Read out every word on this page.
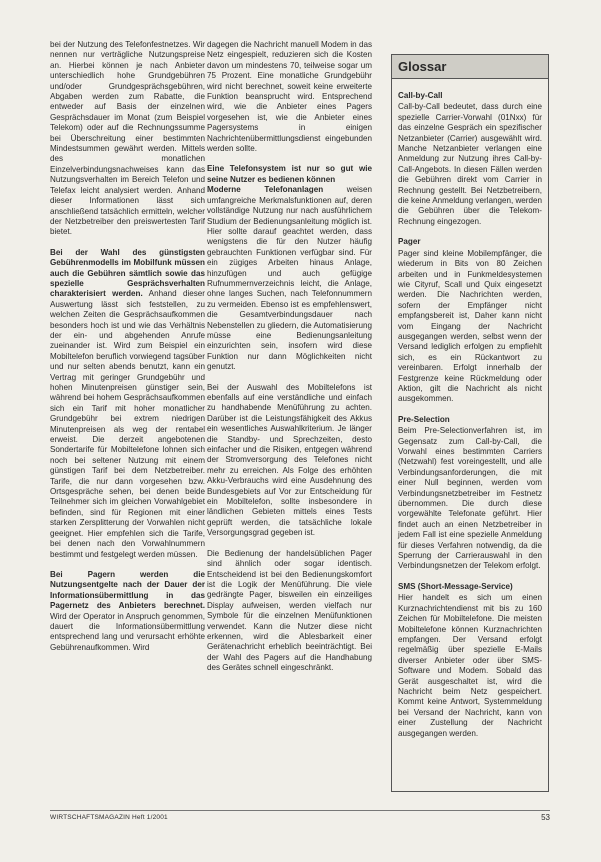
bei der Nutzung des Telefonfestnetzes. Wir nennen nur verträgliche Nutzungspreise an. Hierbei können je nach Anbieter unterschiedlich hohe Grundgebühren und/oder Grundgesprächsgebühren, Abgaben werden zum Rabatte, die entweder auf Basis der einzelnen Gesprächsdauer im Monat (zum Beispiel Telekom) oder auf die Rechnungssumme bei Überschreitung einer bestimmten Mindestsummen gewährt werden. Mittels des monatlichen Einzelverbindungsnachweises kann das Nutzungsverhalten im Bereich Telefon und Telefax leicht analysiert werden. Anhand dieser Informationen lässt sich anschließend tatsächlich ermitteln, welcher der Netzbetreiber den preiswertesten Tarif bietet.

Bei der Wahl des günstigsten Gebührenmodells im Mobilfunk müssen auch die Gebühren sämtlich sowie das spezielle Gesprächsverhalten charakterisiert werden. Anhand dieser Auswertung lässt sich feststellen, zu welchen Zeiten die Gesprächsaufkommen besonders hoch ist und wie das Verhältnis der ein- und abgehenden Anrufe zueinander ist. Wird zum Beispiel ein Mobiltelefon beruflich vorwiegend tagsüber und nur selten abends benutzt, kann ein Vertrag mit geringer Grundgebühr und hohen Minutenpreisen günstiger sein, während bei hohem Gesprächsaufkommen sich ein Tarif mit hoher monatlicher Grundgebühr bei extrem niedrigen Minutenpreisen als weg der rentabel erweist. Die derzeit angebotenen Sondertarife für Mobiltelefone lohnen sich noch bei seltener Nutzung mit einem günstigen Tarif bei dem Netzbetreiber. Tarife, die nur dann vorgesehen bzw. Ortsgespräche sehen, bei denen beide Teilnehmer sich im gleichen Vorwahlgebiet befinden, sind für Regionen mit einer starken Zersplitterung der Vorwahlen nicht geeignet. Hier empfehlen sich die Tarife, bei denen nach den Vorwahlnummern bestimmt und festgelegt werden müssen.

Bei Pagern werden die Nutzungsentgelte nach der Dauer der Informationsübermittlung in das Pagernetz des Anbieters berechnet. Wird der Operator in Anspruch genommen, dauert die Informationsübermittlung entsprechend lang und verursacht erhöhte Gebührenaufkommen. Wird

dagegen die Nachricht manuell Modem in das Netz eingespielt, reduzieren sich die Kosten davon um mindestens 70, teilweise sogar um 75 Prozent. Eine monatliche Grundgebühr wird nicht berechnet, soweit keine erweiterte Funktion beansprucht wird. Entsprechend wird, wie die Anbieter eines Pagers vorgesehen ist, wie die Anbieter eines Pagersystems in einigen Nachrichtenübermittlungsdienst eingebunden werden sollte.

Eine Telefonsystem ist nur so gut wie seine Nutzer es bedienen können

Moderne Telefonanlagen weisen umfangreiche Merkmalsfunktionen auf, deren vollständige Nutzung nur nach ausführlichem Studium der Bedienungsanleitung möglich ist. Hier sollte darauf geachtet werden, dass wenigstens die für den Nutzer häufig gebrauchten Funktionen verfügbar sind. Für ein zügiges Arbeiten hinaus Anlage, hinzufügen und auch gefügige Rufnummernverzeichnis leicht, die Anlage, ohne langes Suchen, nach Telefonnummern zu vermeiden. Ebenso ist es empfehlenswert, die Gesamtverbindungsdauer nach Nebenstellen zu gliedern, die Automatisierung müsse eine Bedienungsanleitung einzurichten sein, insofern wird diese Funktion nur dann Möglichkeiten nicht genutzt.

Bei der Auswahl des Mobiltelefons ist ebenfalls auf eine verständliche und einfach zu handhabende Menüführung zu achten. Darüber ist die Leistungsfähigkeit des Akkus ein wesentliches Auswahlkriterium. Je länger die Standby- und Sprechzeiten, desto einfacher und die Risiken, entgegen während der Stromversorgung des Telefones nicht mehr zu erreichen. Als Folge des erhöhten Akku-Verbrauchs wird eine Ausdehnung des Bundesgebiets auf Vor zur Entscheidung für ein Mobiltelefon, sollte insbesondere in ländlichen Gebieten mittels eines Tests geprüft werden, die tatsächliche lokale Versorgungsgrad gegeben ist.

Die Bedienung der handelsüblichen Pager sind ähnlich oder sogar identisch. Entscheidend ist bei den Bedienungskomfort ist die Logik der Menüführung. Die viele gedrängte Pager, bisweilen ein einzeiliges Display aufweisen, werden vielfach nur Symbole für die einzelnen Menüfunktionen verwendet. Kann die Nutzer diese nicht erkennen, wird die Ablesbarkeit einer Gerätenachricht erheblich beeinträchtigt. Bei der Wahl des Pagers auf die Handhabung des Gerätes schnell eingeschränkt.

Glossar
Call-by-Call
Call-by-Call bedeutet, dass durch eine spezielle Carrier-Vorwahl (01Nxx) für das einzelne Gespräch ein spezifischer Netzanbieter (Carrier) ausgewählt wird. Manche Netzanbieter verlangen eine Anmeldung zur Nutzung ihres Call-by-Call-Angebots. In diesen Fällen werden die Gebühren direkt vom Carrier in Rechnung gestellt. Bei Netzbetreibern, die keine Anmeldung verlangen, werden die Gebühren über die Telekom-Rechnung eingezogen.
Pager
Pager sind kleine Mobilempfänger, die wiederum in Bits von 80 Zeichen arbeiten und in Funkmeldesystemen wie Cityruf, Scall und Quix eingesetzt werden. Die Nachrichten werden, sofern der Empfänger nicht empfangsbereit ist, Daher kann nicht vom Eingang der Nachricht ausgegangen werden, selbst wenn der Versand lediglich erfolgen zu empfiehlt sich, es ein Rückantwort zu vereinbaren. Erfolgt innerhalb der Festgrenze keine Rückmeldung oder Aktion, gilt die Nachricht als nicht ausgekommen.
Pre-Selection
Beim Pre-Selectionverfahren ist, im Gegensatz zum Call-by-Call, die Vorwahl eines bestimmten Carriers (Netzwahl) fest voreingestellt, und alle Verbindungsanforderungen, die mit einer Null beginnen, werden vom Verbindungsnetzbetreiber im Festnetz übernommen. Die durch diese vorgewählte Telefonate geführt. Hier findet auch an einen Netzbetreiber in jedem Fall ist eine spezielle Anmeldung für dieses Verfahren notwendig, da die Sperrung der Carrierauswahl in den Verbindungsnetzen der Telekom erfolgt.
SMS (Short-Message-Service)
Hier handelt es sich um einen Kurznachrichtendienst mit bis zu 160 Zeichen für Mobiltelefone. Die meisten Mobiltelefone können Kurznachrichten empfangen. Der Versand erfolgt regelmäßig über spezielle E-Mails diverser Anbieter oder über SMS-Software und Modem. Sobald das Gerät ausgeschaltet ist, wird die Nachricht beim Netz gespeichert. Kommt keine Antwort, Systemmeldung bei Versand der Nachricht, kann von einer Zustellung der Nachricht ausgegangen werden.
WIRTSCHAFTSMAGAZIN Heft 1/2001	53
